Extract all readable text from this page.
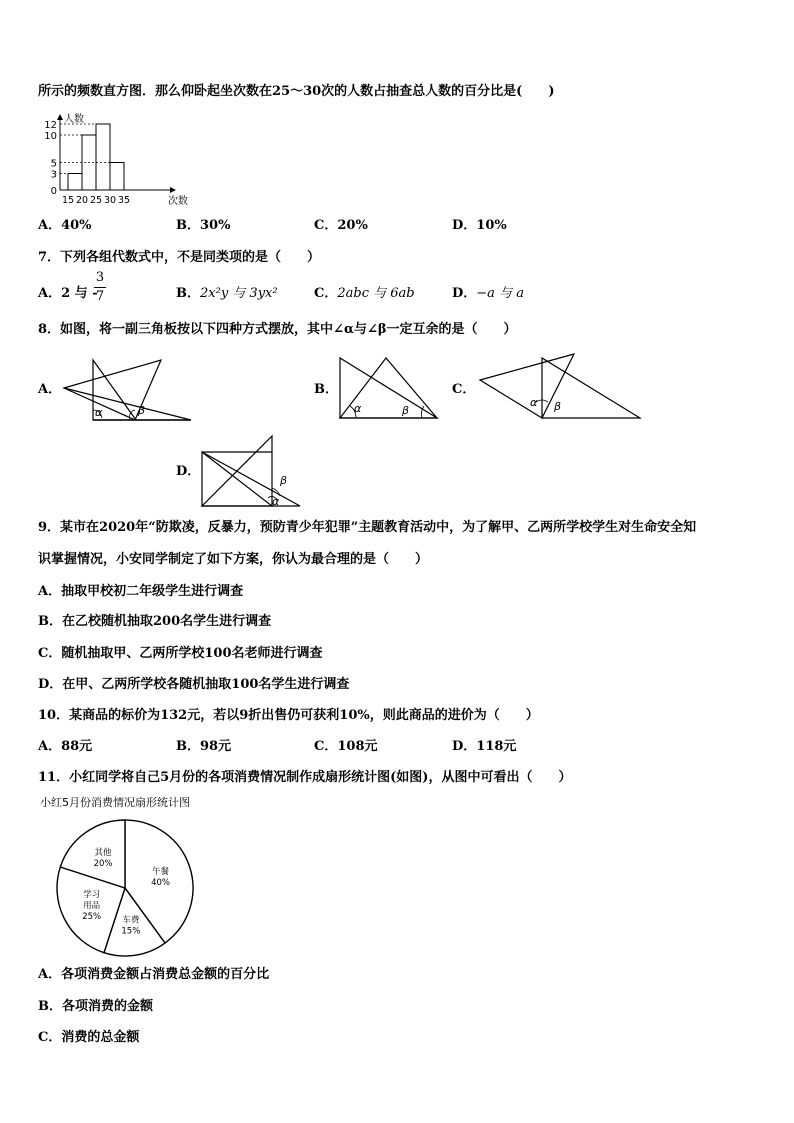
所示的频数直方图．那么仰卧起坐次数在25～30次的人数占抽查总人数的百分比是(　　)
12
10
5
3
0
15 20 25 30 35
人数
次数
A．40%	B．30%	C．20%	D．10%
7．下列各组代数式中，不是同类项的是（　　）
A．2 与 -
3
7	B．2x²y 与 3yx²	C．2abc 与 6ab	D．−a 与 a
8．如图，将一副三角板按以下四种方式摆放，其中∠α与∠β一定互余的是（　　）
A．
α	β
B．
α	β
C．
α β
D．
β
α
9．某市在2020年“防欺凌，反暴力，预防青少年犯罪”主题教育活动中，为了解甲、乙两所学校学生对生命安全知
识掌握情况，小安同学制定了如下方案，你认为最合理的是（　　）
A．抽取甲校初二年级学生进行调查
B．在乙校随机抽取200名学生进行调查
C．随机抽取甲、乙两所学校100名老师进行调查
D．在甲、乙两所学校各随机抽取100名学生进行调查
10．某商品的标价为132元，若以9折出售仍可获利10%，则此商品的进价为（　　）
A．88元	B．98元	C．108元	D．118元
11．小红同学将自己5月份的各项消费情况制作成扇形统计图(如图)，从图中可看出（　　）
小红5月份消费情况扇形统计图
午餐
40%
车费
15%
学习
用品
25%
其他
20%
A．各项消费金额占消费总金额的百分比
B．各项消费的金额
C．消费的总金额
